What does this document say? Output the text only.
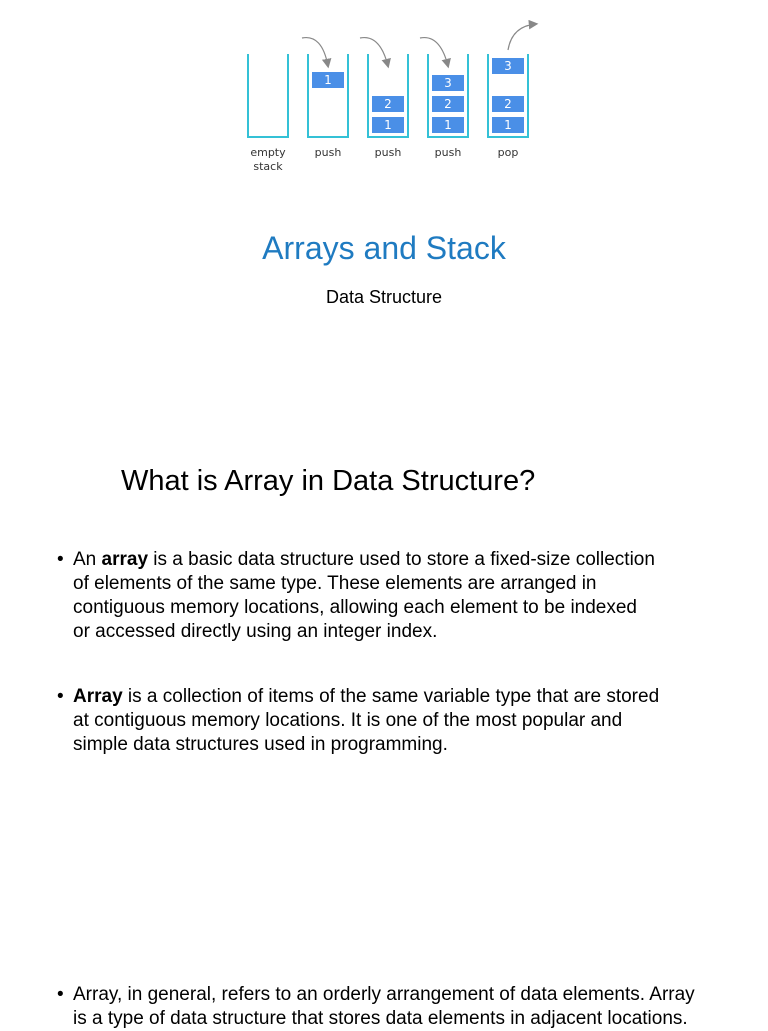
1
1
2
1
2
3
1
2
3
empty
stack
push	push	push	pop
Arrays and Stack
Data Structure
What is Array in Data Structure?
• An array is a basic data structure used to store a fixed-size collection
of elements of the same type. These elements are arranged in
contiguous memory locations, allowing each element to be indexed
or accessed directly using an integer index.
• Array is a collection of items of the same variable type that are stored
at contiguous memory locations. It is one of the most popular and
simple data structures used in programming.
• Array, in general, refers to an orderly arrangement of data elements. Array
is a type of data structure that stores data elements in adjacent locations.
